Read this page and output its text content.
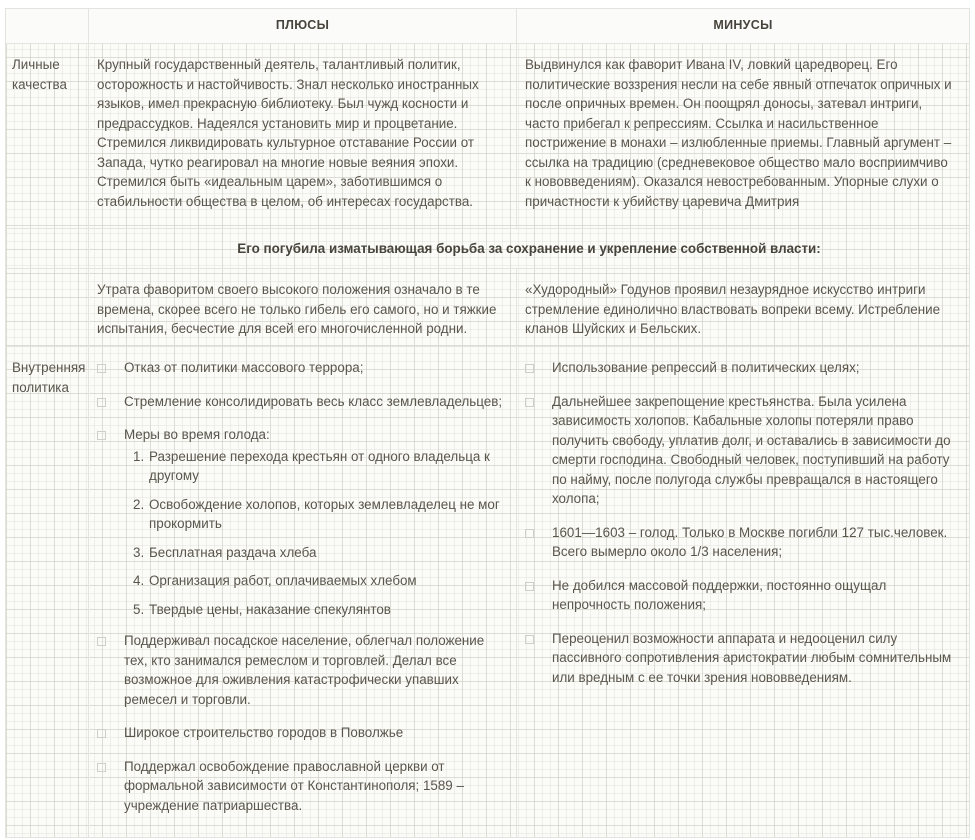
ПЛЮСЫ	МИНУСЫ
Личные качества

Крупный государственный деятель, талантливый политик, осторожность и настойчивость. Знал несколько иностранных языков, имел прекрасную библиотеку. Был чужд косности и предрассудков. Надеялся установить мир и процветание. Стремился ликвидировать культурное отставание России от Запада, чутко реагировал на многие новые веяния эпохи. Стремился быть «идеальным царем», заботившимся о стабильности общества в целом, об интересах государства.

Выдвинулся как фаворит Ивана IV, ловкий царедворец. Его политические воззрения несли на себе явный отпечаток опричных и после опричных времен. Он поощрял доносы, затевал интриги, часто прибегал к репрессиям. Ссылка и насильственное пострижение в монахи – излюбленные приемы. Главный аргумент – ссылка на традицию (средневековое общество мало восприимчиво к нововведениям). Оказался невостребованным. Упорные слухи о причастности к убийству царевича Дмитрия

Его погубила изматывающая борьба за сохранение и укрепление собственной власти:

Утрата фаворитом своего высокого положения означало в те времена, скорее всего не только гибель его самого, но и тяжкие испытания, бесчестие для всей его многочисленной родни.

«Худородный» Годунов проявил незаурядное искусство интриги стремление единолично властвовать вопреки всему. Истребление кланов Шуйских и Бельских.

Внутренняя политика
Отказ от политики массового террора;
Стремление консолидировать весь класс землевладельцев;
Меры во время голода:
1. Разрешение перехода крестьян от одного владельца к другому
2. Освобождение холопов, которых землевладелец не мог прокормить
3. Бесплатная раздача хлеба
4. Организация работ, оплачиваемых хлебом
5. Твердые цены, наказание спекулянтов
Поддерживал посадское население, облегчал положение тех, кто занимался ремеслом и торговлей. Делал все возможное для оживления катастрофически упавших ремесел и торговли.
Широкое строительство городов в Поволжье
Поддержал освобождение православной церкви от формальной зависимости от Константинополя; 1589 – учреждение патриаршества.
Использование репрессий в политических целях;
Дальнейшее закрепощение крестьянства. Была усилена зависимость холопов. Кабальные холопы потеряли право получить свободу, уплатив долг, и оставались в зависимости до смерти господина. Свободный человек, поступивший на работу по найму, после полугода службы превращался в настоящего холопа;
1601—1603 – голод. Только в Москве погибли 127 тыс.человек. Всего вымерло около 1/3 населения;
Не добился массовой поддержки, постоянно ощущал непрочность положения;
Переоценил возможности аппарата и недооценил силу пассивного сопротивления аристократии любым сомнительным или вредным с ее точки зрения нововведениям.
